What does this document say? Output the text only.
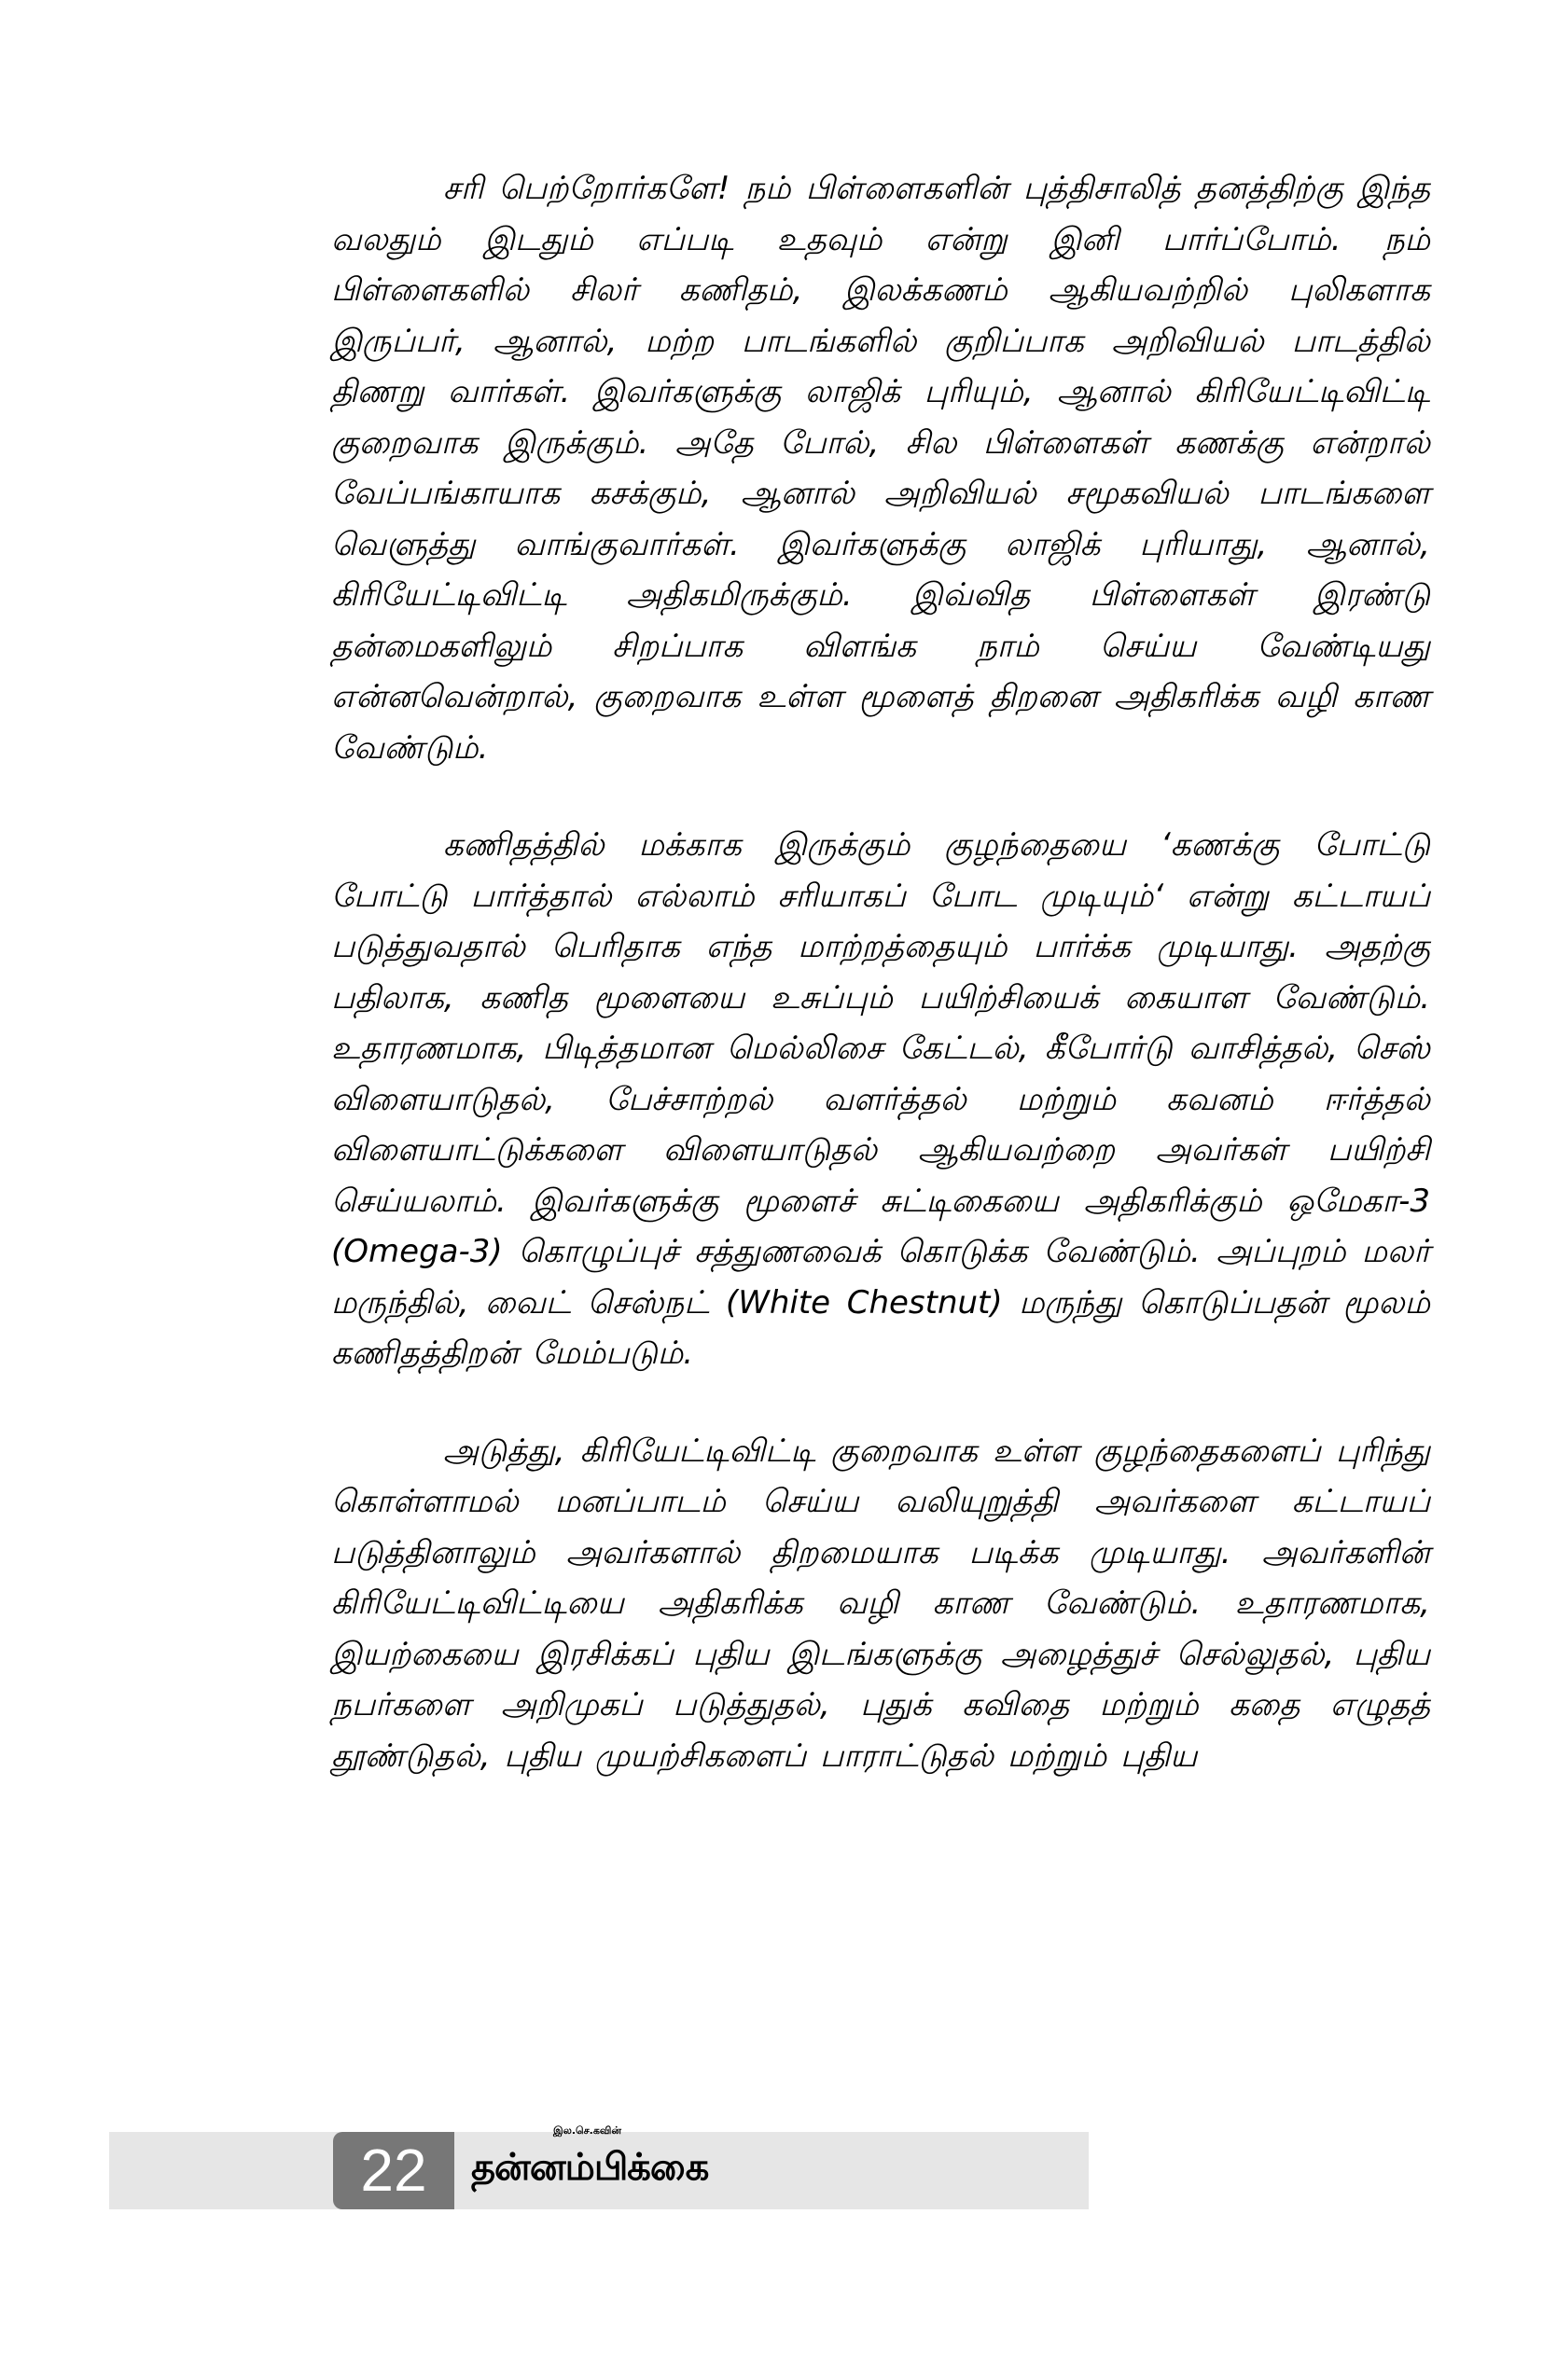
சரி பெற்றோர்களே! நம் பிள்ளைகளின் புத்திசாலித் தனத்திற்கு இந்த வலதும் இடதும் எப்படி உதவும் என்று இனி பார்ப்போம். நம் பிள்ளைகளில் சிலர் கணிதம், இலக்கணம் ஆகியவற்றில் புலிகளாக இருப்பர், ஆனால், மற்ற பாடங்களில் குறிப்பாக அறிவியல் பாடத்தில் திணறு வார்கள். இவர்களுக்கு லாஜிக் புரியும், ஆனால் கிரியேட்டிவிட்டி குறைவாக இருக்கும். அதே போல், சில பிள்ளைகள் கணக்கு என்றால் வேப்பங்காயாக கசக்கும், ஆனால் அறிவியல் சமூகவியல் பாடங்களை வெளுத்து வாங்குவார்கள். இவர்களுக்கு லாஜிக் புரியாது, ஆனால், கிரியேட்டிவிட்டி அதிகமிருக்கும். இவ்வித பிள்ளைகள் இரண்டு தன்மைகளிலும் சிறப்பாக விளங்க நாம் செய்ய வேண்டியது என்னவென்றால், குறைவாக உள்ள மூளைத் திறனை அதிகரிக்க வழி காண வேண்டும்.

கணிதத்தில் மக்காக இருக்கும் குழந்தையை ‘கணக்கு போட்டு போட்டு பார்த்தால் எல்லாம் சரியாகப் போட முடியும்‘ என்று கட்டாயப் படுத்துவதால் பெரிதாக எந்த மாற்றத்தையும் பார்க்க முடியாது. அதற்கு பதிலாக, கணித மூளையை உசுப்பும் பயிற்சியைக் கையாள வேண்டும். உதாரணமாக, பிடித்தமான மெல்லிசை கேட்டல், கீபோர்டு வாசித்தல், செஸ் விளையாடுதல், பேச்சாற்றல் வளர்த்தல் மற்றும் கவனம் ஈர்த்தல் விளையாட்டுக்களை விளையாடுதல் ஆகியவற்றை அவர்கள் பயிற்சி செய்யலாம். இவர்களுக்கு மூளைச் சுட்டிகையை அதிகரிக்கும் ஒமேகா-3 (Omega-3) கொழுப்புச் சத்துணவைக் கொடுக்க வேண்டும். அப்புறம் மலர் மருந்தில், வைட் செஸ்நட் (White Chestnut) மருந்து கொடுப்பதன் மூலம் கணிதத்திறன் மேம்படும்.

அடுத்து, கிரியேட்டிவிட்டி குறைவாக உள்ள குழந்தைகளைப் புரிந்து கொள்ளாமல் மனப்பாடம் செய்ய வலியுறுத்தி அவர்களை கட்டாயப் படுத்தினாலும் அவர்களால் திறமையாக படிக்க முடியாது. அவர்களின் கிரியேட்டிவிட்டியை அதிகரிக்க வழி காண வேண்டும். உதாரணமாக, இயற்கையை இரசிக்கப் புதிய இடங்களுக்கு அழைத்துச் செல்லுதல், புதிய நபர்களை அறிமுகப் படுத்துதல், புதுக் கவிதை மற்றும் கதை எழுதத் தூண்டுதல், புதிய முயற்சிகளைப் பாராட்டுதல் மற்றும் புதிய

22
இல.செ.கவின்
தன்னம்பிக்கை
